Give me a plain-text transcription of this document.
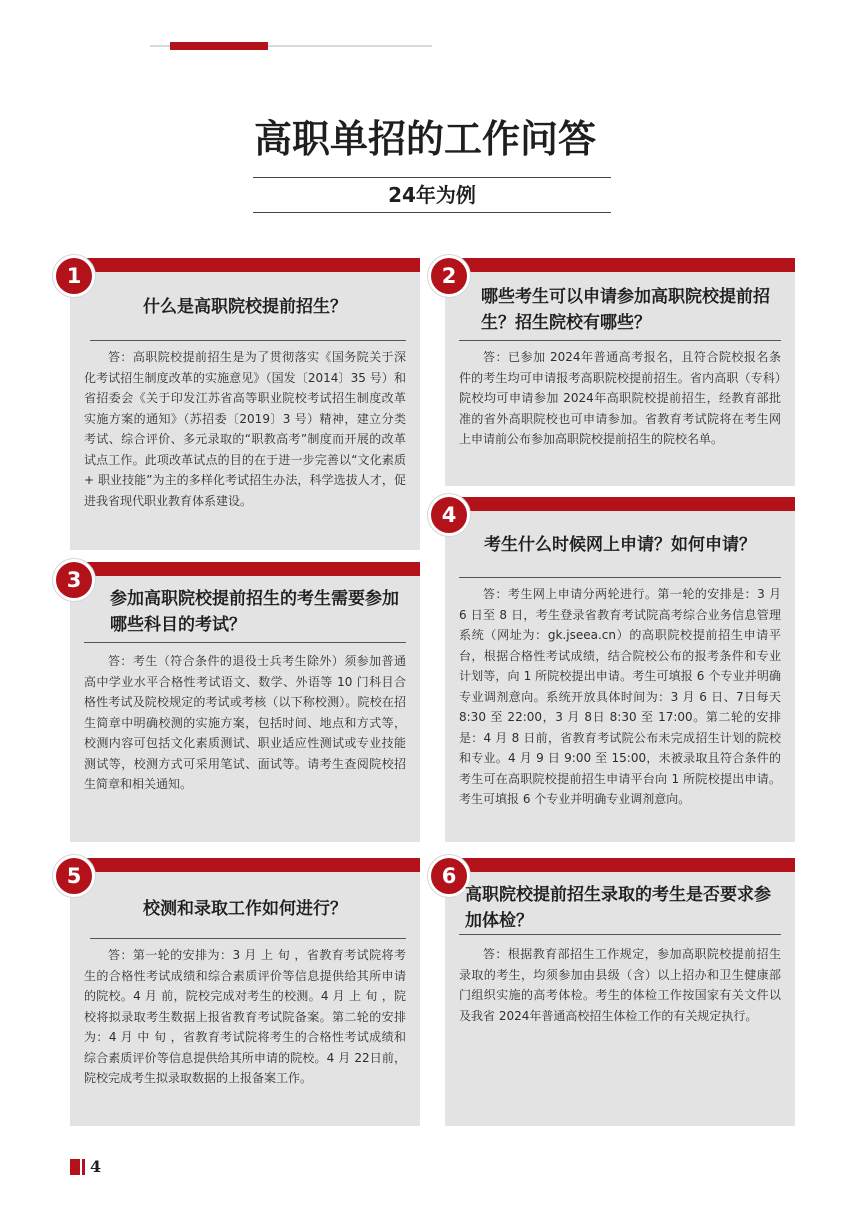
高职单招的工作问答
24年为例
1
什么是高职院校提前招生？
答：高职院校提前招生是为了贯彻落实《国务院关于深化考试招生制度改革的实施意见》（国发〔2014〕35 号）和省招委会《关于印发江苏省高等职业院校考试招生制度改革实施方案的通知》（苏招委〔2019〕3 号）精神，建立分类考试、综合评价、多元录取的“职教高考”制度而开展的改革试点工作。此项改革试点的目的在于进一步完善以“文化素质 + 职业技能”为主的多样化考试招生办法，科学选拔人才，促进我省现代职业教育体系建设。
2
哪些考生可以申请参加高职院校提前招生？招生院校有哪些？
答：已参加 2024年普通高考报名，且符合院校报名条件的考生均可申请报考高职院校提前招生。省内高职（专科）院校均可申请参加 2024年高职院校提前招生，经教育部批准的省外高职院校也可申请参加。省教育考试院将在考生网上申请前公布参加高职院校提前招生的院校名单。
3
参加高职院校提前招生的考生需要参加哪些科目的考试？
答：考生（符合条件的退役士兵考生除外）须参加普通高中学业水平合格性考试语文、数学、外语等 10 门科目合格性考试及院校规定的考试或考核（以下称校测）。院校在招生简章中明确校测的实施方案，包括时间、地点和方式等，校测内容可包括文化素质测试、职业适应性测试或专业技能测试等，校测方式可采用笔试、面试等。请考生查阅院校招生简章和相关通知。
4
考生什么时候网上申请？如何申请？
答：考生网上申请分两轮进行。第一轮的安排是：3 月 6 日至 8 日，考生登录省教育考试院高考综合业务信息管理系统（网址为：gk.jseea.cn）的高职院校提前招生申请平台，根据合格性考试成绩，结合院校公布的报考条件和专业计划等，向 1 所院校提出申请。考生可填报 6 个专业并明确专业调剂意向。系统开放具体时间为：3 月 6 日、7日每天 8:30 至 22:00，3 月 8日 8:30 至 17:00。第二轮的安排是：4 月 8 日前，省教育考试院公布未完成招生计划的院校和专业。4 月 9 日 9:00 至 15:00，未被录取且符合条件的考生可在高职院校提前招生申请平台向 1 所院校提出申请。考生可填报 6 个专业并明确专业调剂意向。
5
校测和录取工作如何进行？
答：第一轮的安排为：3 月 上 旬 ，省教育考试院将考生的合格性考试成绩和综合素质评价等信息提供给其所申请的院校。4 月 前，院校完成对考生的校测。4 月 上 旬 ，院校将拟录取考生数据上报省教育考试院备案。第二轮的安排为：4 月 中 旬 ，省教育考试院将考生的合格性考试成绩和综合素质评价等信息提供给其所申请的院校。4 月 22日前，院校完成考生拟录取数据的上报备案工作。
6
高职院校提前招生录取的考生是否要求参加体检？
答：根据教育部招生工作规定，参加高职院校提前招生录取的考生，均须参加由县级（含）以上招办和卫生健康部门组织实施的高考体检。考生的体检工作按国家有关文件以及我省 2024年普通高校招生体检工作的有关规定执行。
4
